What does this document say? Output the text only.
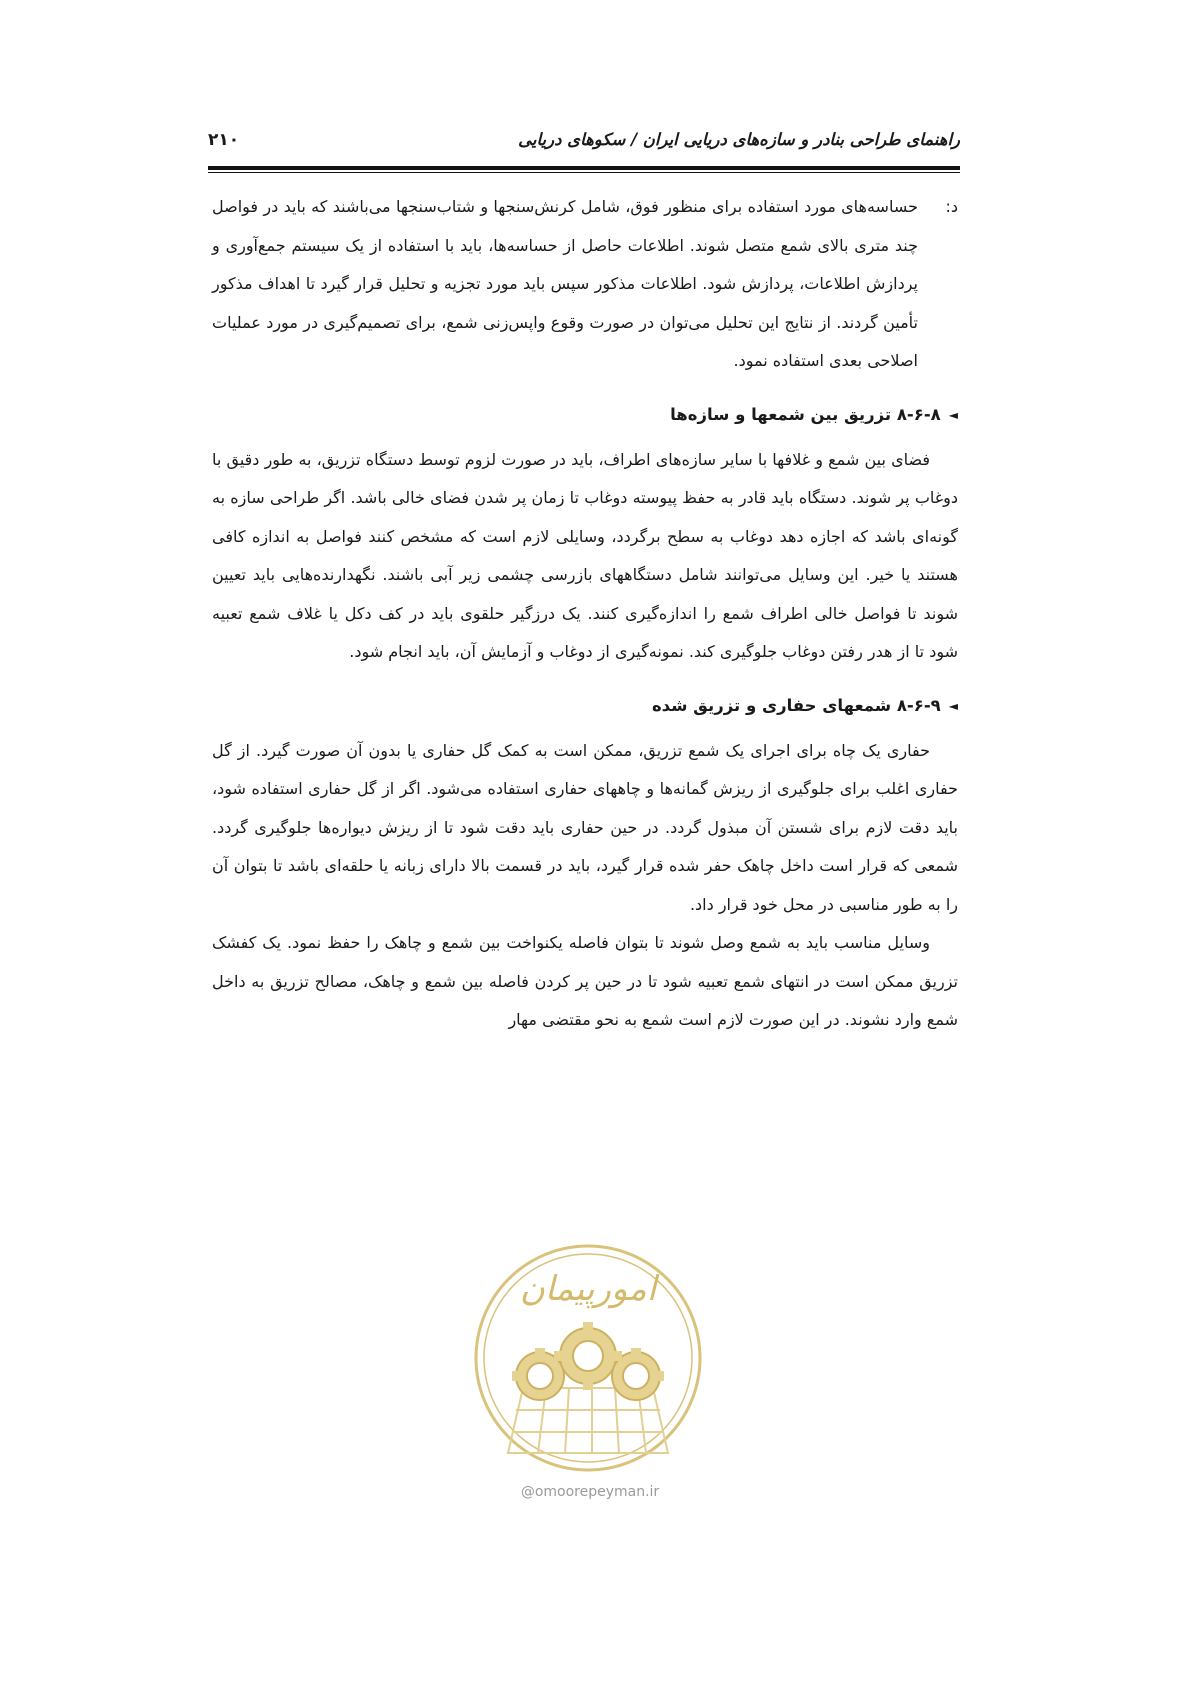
راهنمای طراحی بنادر و سازه‌های دریایی ایران / سکوهای دریایی
۲۱۰
د:

حساسه‌های مورد استفاده برای منظور فوق، شامل کرنش‌سنجها و شتاب‌سنجها می‌باشند که باید در فواصل چند متری بالای شمع متصل شوند. اطلاعات حاصل از حساسه‌ها، باید با استفاده از یک سیستم جمع‌آوری و پردازش اطلاعات، پردازش شود. اطلاعات مذکور سپس باید مورد تجزیه و تحلیل قرار گیرد تا اهداف مذکور تأمین گردند. از نتایج این تحلیل می‌توان در صورت وقوع واپس‌زنی شمع، برای تصمیم‌گیری در مورد عملیات اصلاحی بعدی استفاده نمود.

◄
۸-۶-۸ تزریق بین شمعها و سازه‌ها

فضای بین شمع و غلافها با سایر سازه‌های اطراف، باید در صورت لزوم توسط دستگاه تزریق، به طور دقیق با دوغاب پر شوند. دستگاه باید قادر به حفظ پیوسته دوغاب تا زمان پر شدن فضای خالی باشد. اگر طراحی سازه به گونه‌ای باشد که اجازه دهد دوغاب به سطح برگردد، وسایلی لازم است که مشخص کنند فواصل به اندازه کافی هستند یا خیر. این وسایل می‌توانند شامل دستگاههای بازرسی چشمی زیر آبی باشند. نگهدارنده‌هایی باید تعیین شوند تا فواصل خالی اطراف شمع را اندازه‌گیری کنند. یک درزگیر حلقوی باید در کف دکل یا غلاف شمع تعبیه شود تا از هدر رفتن دوغاب جلوگیری کند. نمونه‌گیری از دوغاب و آزمایش آن، باید انجام شود.

◄
۸-۶-۹ شمعهای حفاری و تزریق شده

حفاری یک چاه برای اجرای یک شمع تزریق، ممکن است به کمک گل حفاری یا بدون آن صورت گیرد. از گل حفاری اغلب برای جلوگیری از ریزش گمانه‌ها و چاههای حفاری استفاده می‌شود. اگر از گل حفاری استفاده شود، باید دقت لازم برای شستن آن مبذول گردد. در حین حفاری باید دقت شود تا از ریزش دیواره‌ها جلوگیری گردد. شمعی که قرار است داخل چاهک حفر شده قرار گیرد، باید در قسمت بالا دارای زبانه یا حلقه‌ای باشد تا بتوان آن را به طور مناسبی در محل خود قرار داد.

وسایل مناسب باید به شمع وصل شوند تا بتوان فاصله یکنواخت بین شمع و چاهک را حفظ نمود. یک کفشک تزریق ممکن است در انتهای شمع تعبیه شود تا در حین پر کردن فاصله بین شمع و چاهک، مصالح تزریق به داخل شمع وارد نشوند. در این صورت لازم است شمع به نحو مقتضی مهار

امورپیمان
@omoorepeyman.ir
